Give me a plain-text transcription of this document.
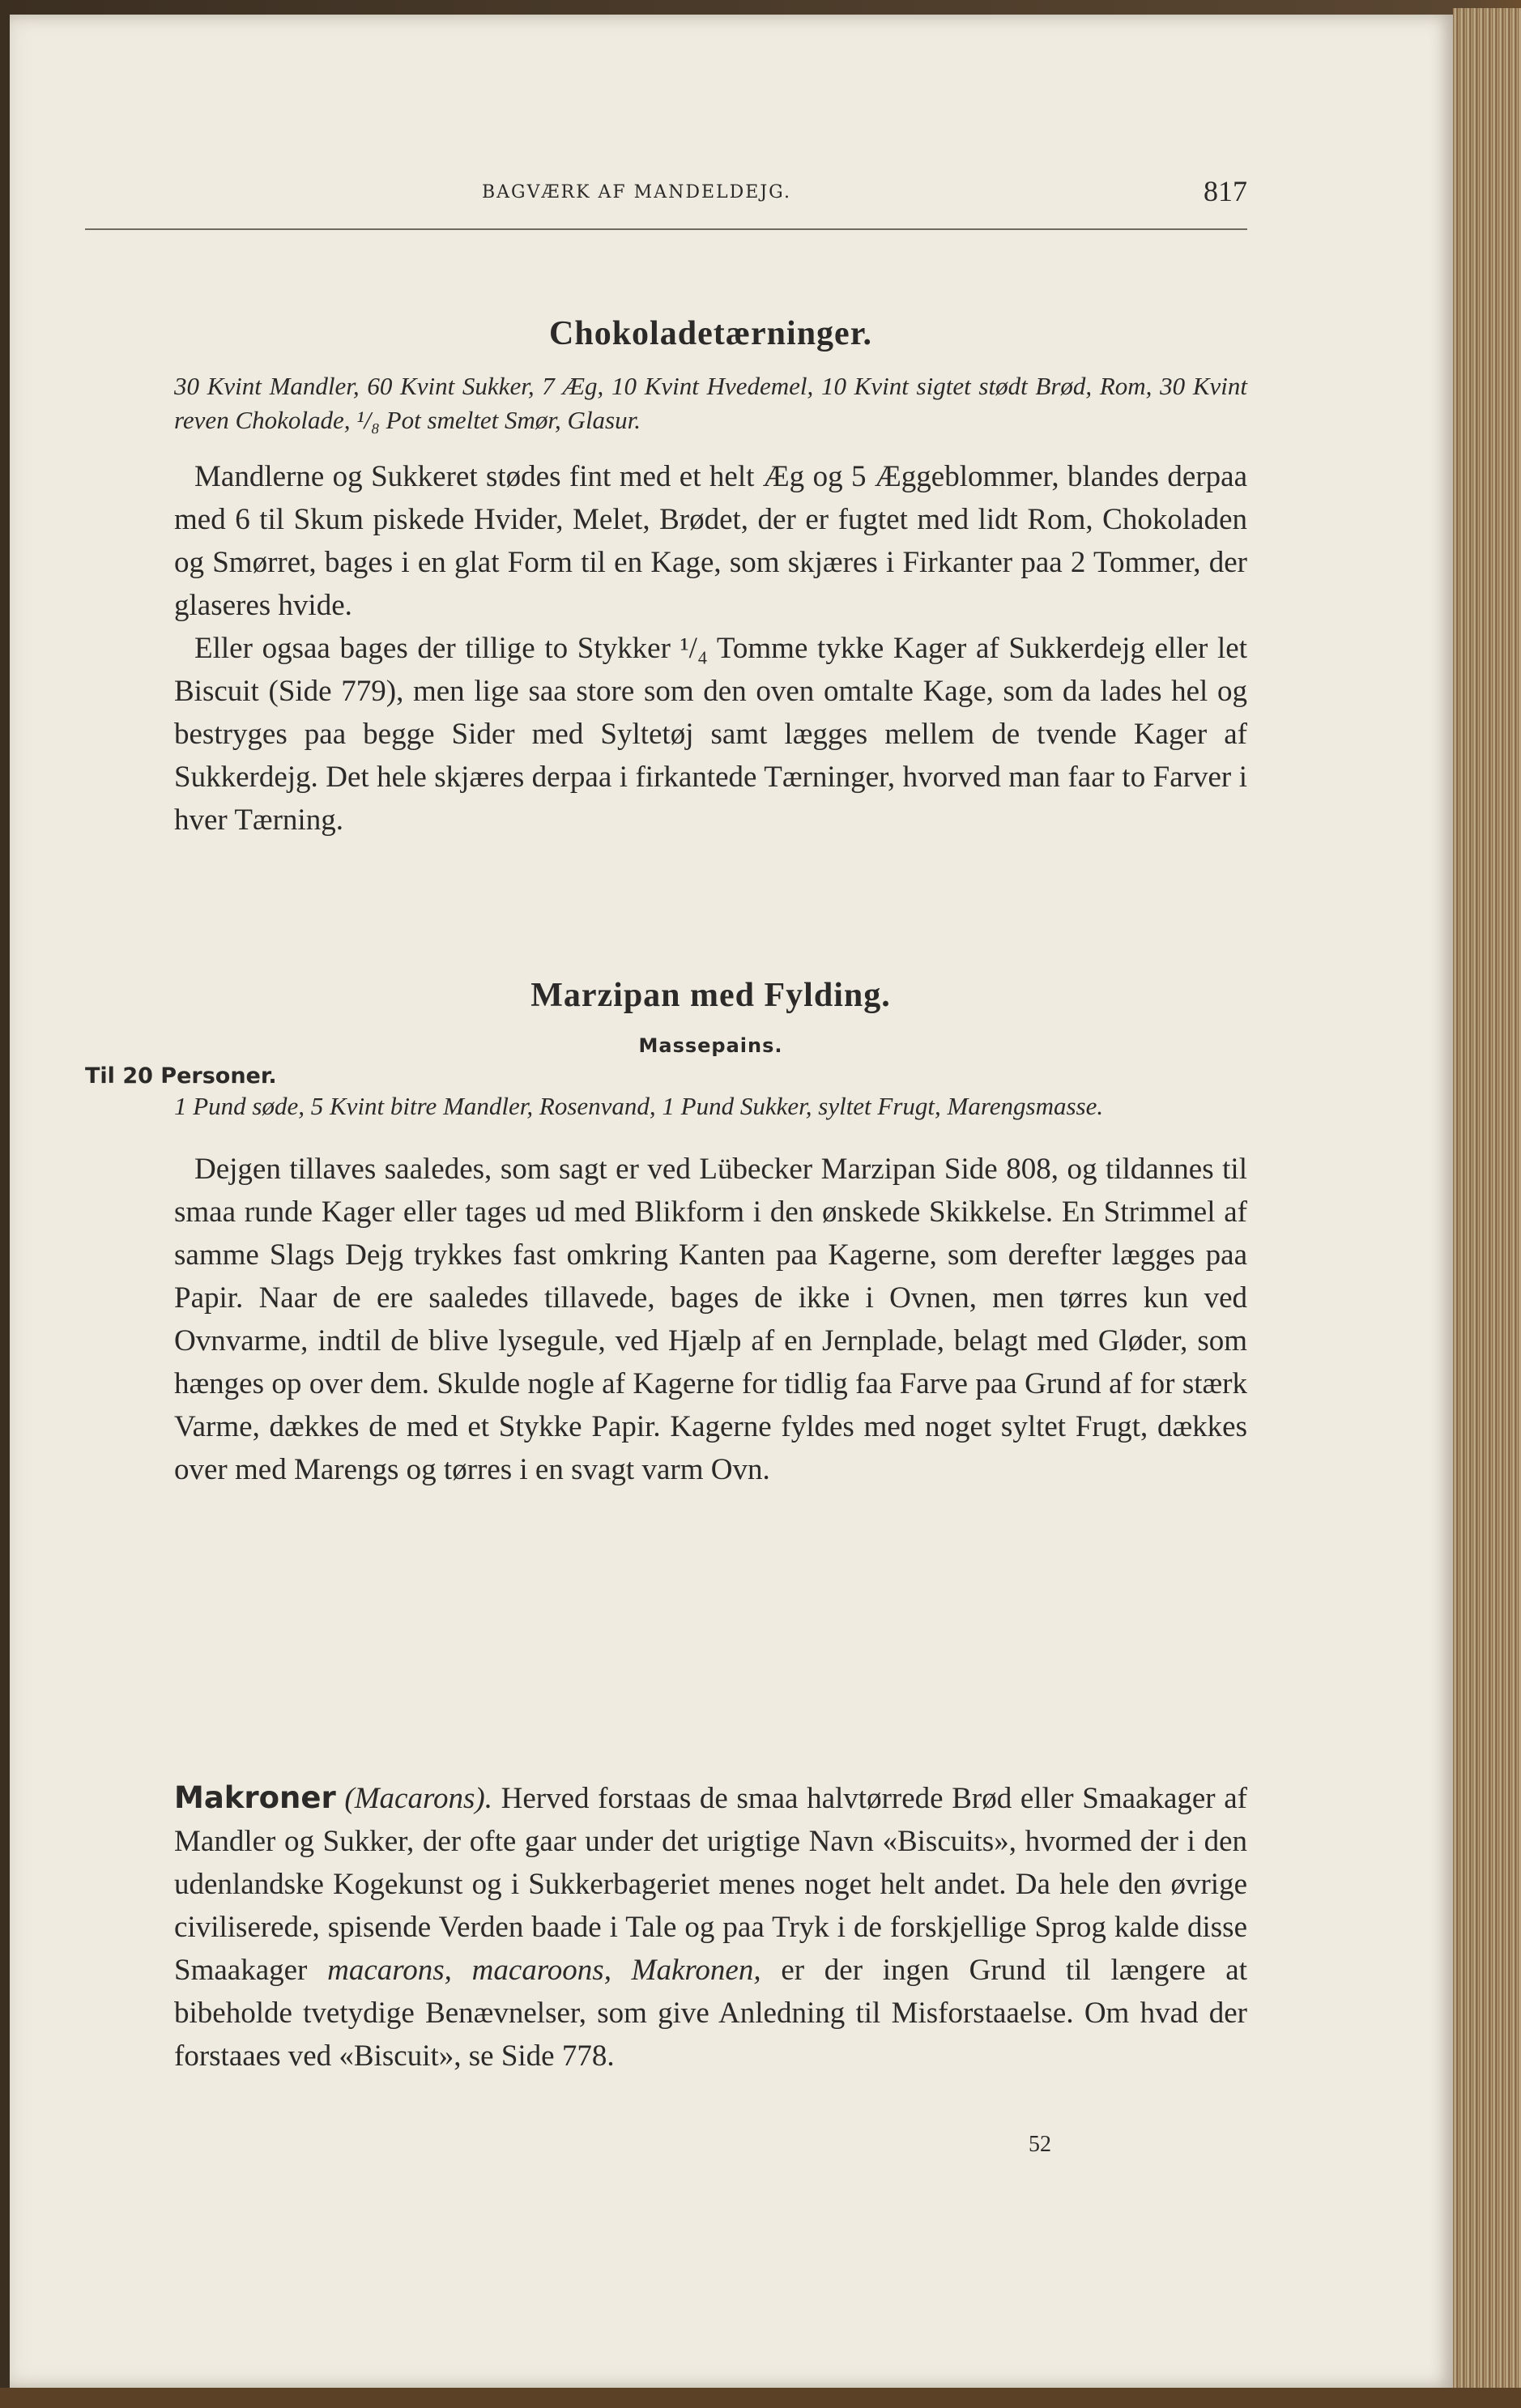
BAGVÆRK AF MANDELDEJG.	817
Chokoladetærninger.

30 Kvint Mandler, 60 Kvint Sukker, 7 Æg, 10 Kvint Hvedemel, 10 Kvint sigtet stødt Brød, Rom, 30 Kvint reven Chokolade, ¹/₈ Pot smeltet Smør, Glasur.

Mandlerne og Sukkeret stødes fint med et helt Æg og 5 Æggeblommer, blandes derpaa med 6 til Skum piskede Hvider, Melet, Brødet, der er fugtet med lidt Rom, Chokoladen og Smørret, bages i en glat Form til en Kage, som skjæres i Firkanter paa 2 Tommer, der glaseres hvide.

Eller ogsaa bages der tillige to Stykker ¹/₄ Tomme tykke Kager af Sukkerdejg eller let Biscuit (Side 779), men lige saa store som den oven omtalte Kage, som da lades hel og bestryges paa begge Sider med Syltetøj samt lægges mellem de tvende Kager af Sukkerdejg. Det hele skjæres derpaa i firkantede Tærninger, hvorved man faar to Farver i hver Tærning.

Marzipan med Fylding.
Massepains.
Til 20 Personer.

1 Pund søde, 5 Kvint bitre Mandler, Rosenvand, 1 Pund Sukker, syltet Frugt, Marengsmasse.

Dejgen tillaves saaledes, som sagt er ved Lübecker Marzipan Side 808, og tildannes til smaa runde Kager eller tages ud med Blikform i den ønskede Skikkelse. En Strimmel af samme Slags Dejg trykkes fast omkring Kanten paa Kagerne, som derefter lægges paa Papir. Naar de ere saaledes tillavede, bages de ikke i Ovnen, men tørres kun ved Ovnvarme, indtil de blive lysegule, ved Hjælp af en Jernplade, belagt med Gløder, som hænges op over dem. Skulde nogle af Kagerne for tidlig faa Farve paa Grund af for stærk Varme, dækkes de med et Stykke Papir. Kagerne fyldes med noget syltet Frugt, dækkes over med Marengs og tørres i en svagt varm Ovn.

Makroner (Macarons). Herved forstaas de smaa halvtørrede Brød eller Smaakager af Mandler og Sukker, der ofte gaar under det urigtige Navn «Biscuits», hvormed der i den udenlandske Kogekunst og i Sukkerbageriet menes noget helt andet. Da hele den øvrige civiliserede, spisende Verden baade i Tale og paa Tryk i de forskjellige Sprog kalde disse Smaakager macarons, macaroons, Makronen, er der ingen Grund til længere at bibeholde tvetydige Benævnelser, som give Anledning til Misforstaaelse. Om hvad der forstaaes ved «Biscuit», se Side 778.

52
